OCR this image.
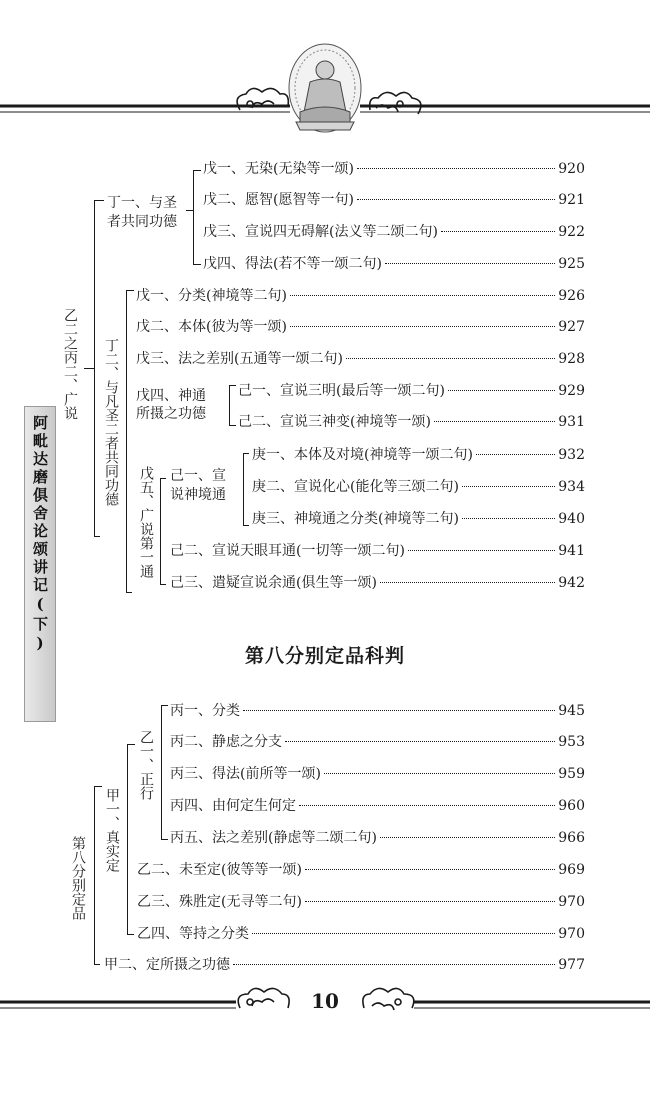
阿毗达磨俱舍论颂讲记(下)
乙二之丙二、广说
丁一、与圣
者共同功德
戊一、无染(无染等一颂)	920
戊二、愿智(愿智等一句)	921
戊三、宣说四无碍解(法义等二颂二句)	922
戊四、得法(若不等一颂二句)	925
丁二、与凡圣二者共同功德
戊一、分类(神境等二句)	926
戊二、本体(彼为等一颂)	927
戊三、法之差别(五通等一颂二句)	928
戊四、神通
所摄之功德
己一、宣说三明(最后等一颂二句)	929
己二、宣说三神变(神境等一颂)	931
戊五、广说第一通 己一、宣
说神境通
庚一、本体及对境(神境等一颂二句)	932
庚二、宣说化心(能化等三颂二句)	934
庚三、神境通之分类(神境等二句)	940
己二、宣说天眼耳通(一切等一颂二句)	941
己三、遣疑宣说余通(俱生等一颂)	942
第八分别定品科判
第八分别定品
甲一、真实定
乙一、正行
丙一、分类	945
丙二、静虑之分支	953
丙三、得法(前所等一颂)	959
丙四、由何定生何定	960
丙五、法之差别(静虑等二颂二句)	966
乙二、未至定(彼等等一颂)	969
乙三、殊胜定(无寻等二句)	970
乙四、等持之分类	970
甲二、定所摄之功德	977
10
